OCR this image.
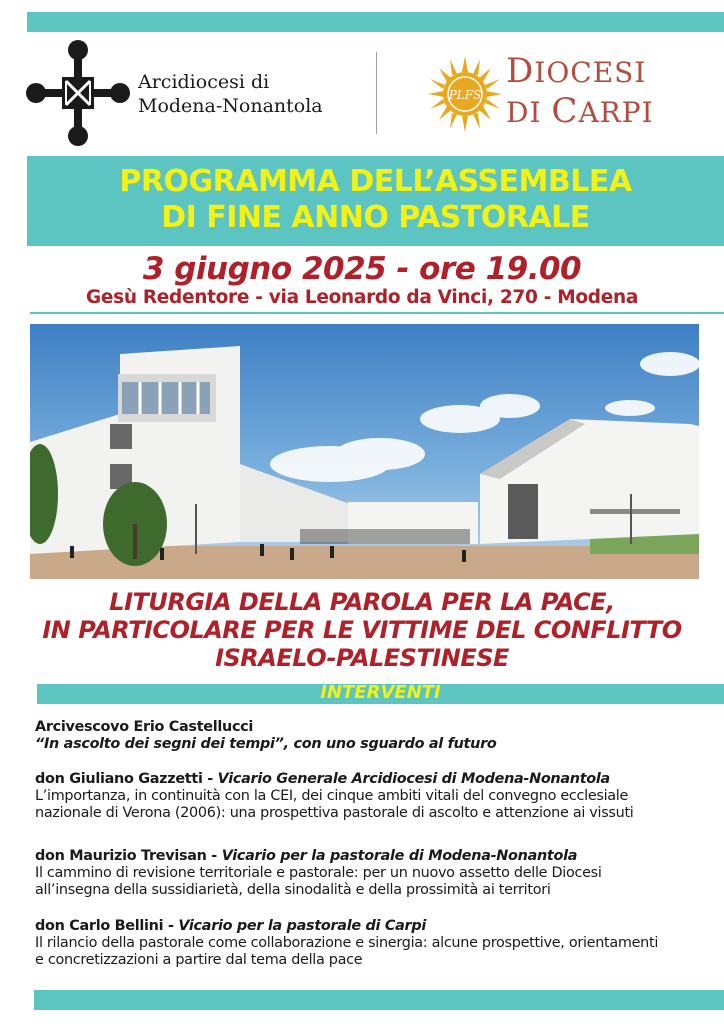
Arcidiocesi di
Modena-Nonantola	PLFS
DIOCESI
DI CARPI
PROGRAMMA DELL’ASSEMBLEA
DI FINE ANNO PASTORALE
3 giugno 2025 - ore 19.00
Gesù Redentore - via Leonardo da Vinci, 270 - Modena
LITURGIA DELLA PAROLA PER LA PACE,
IN PARTICOLARE PER LE VITTIME DEL CONFLITTO
ISRAELO-PALESTINESE
INTERVENTI
Arcivescovo Erio Castellucci
“In ascolto dei segni dei tempi”, con uno sguardo al futuro
don Giuliano Gazzetti - Vicario Generale Arcidiocesi di Modena-Nonantola
L’importanza, in continuità con la CEI, dei cinque ambiti vitali del convegno ecclesiale
nazionale di Verona (2006): una prospettiva pastorale di ascolto e attenzione ai vissuti
don Maurizio Trevisan - Vicario per la pastorale di Modena-Nonantola
Il cammino di revisione territoriale e pastorale: per un nuovo assetto delle Diocesi
all’insegna della sussidiarietà, della sinodalità e della prossimità ai territori
don Carlo Bellini - Vicario per la pastorale di Carpi
Il rilancio della pastorale come collaborazione e sinergia: alcune prospettive, orientamenti
e concretizzazioni a partire dal tema della pace
